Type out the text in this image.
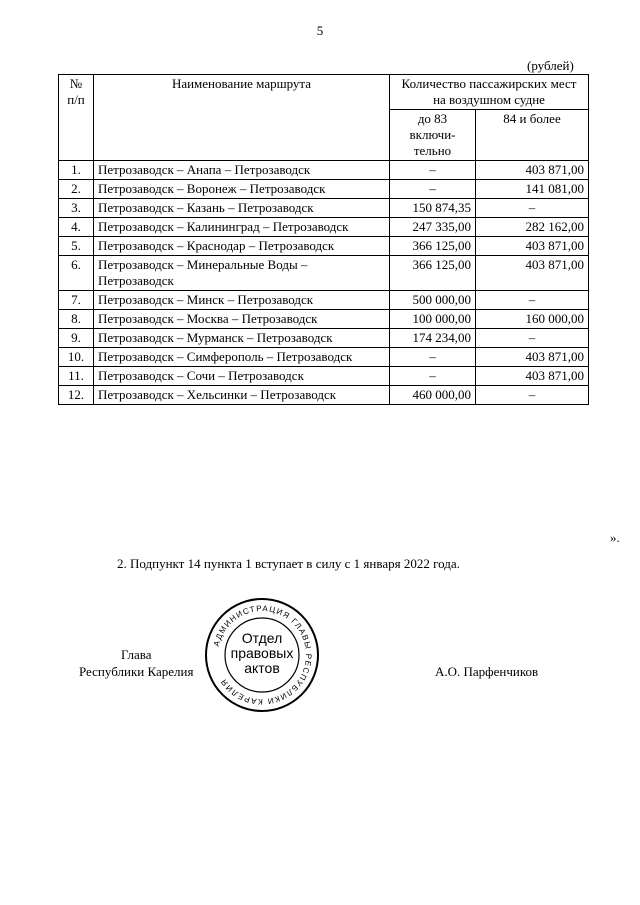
5
(рублей)
№ п/п	Наименование маршрута	Количество пассажирских мест на воздушном судне	
		до 83 включи-тельно	84 и более
1.	Петрозаводск – Анапа – Петрозаводск	–	403 871,00
2.	Петрозаводск – Воронеж – Петрозаводск	–	141 081,00
3.	Петрозаводск – Казань – Петрозаводск	150 874,35	–
4.	Петрозаводск – Калининград – Петрозаводск	247 335,00	282 162,00
5.	Петрозаводск – Краснодар – Петрозаводск	366 125,00	403 871,00
6.	Петрозаводск – Минеральные Воды – Петрозаводск	366 125,00	403 871,00
7.	Петрозаводск – Минск – Петрозаводск	500 000,00	–
8.	Петрозаводск – Москва – Петрозаводск	100 000,00	160 000,00
9.	Петрозаводск – Мурманск – Петрозаводск	174 234,00	–
10.	Петрозаводск – Симферополь – Петрозаводск	–	403 871,00
11.	Петрозаводск – Сочи – Петрозаводск	–	403 871,00
12.	Петрозаводск – Хельсинки – Петрозаводск	460 000,00	–
».
2. Подпункт 14 пункта 1 вступает в силу с 1 января 2022 года.
Глава
Республики Карелия	А.О. Парфенчиков
АДМИНИСТРАЦИЯ ГЛАВЫ РЕСПУБЛИКИ КАРЕЛИЯ
Отдел
правовых
актов
